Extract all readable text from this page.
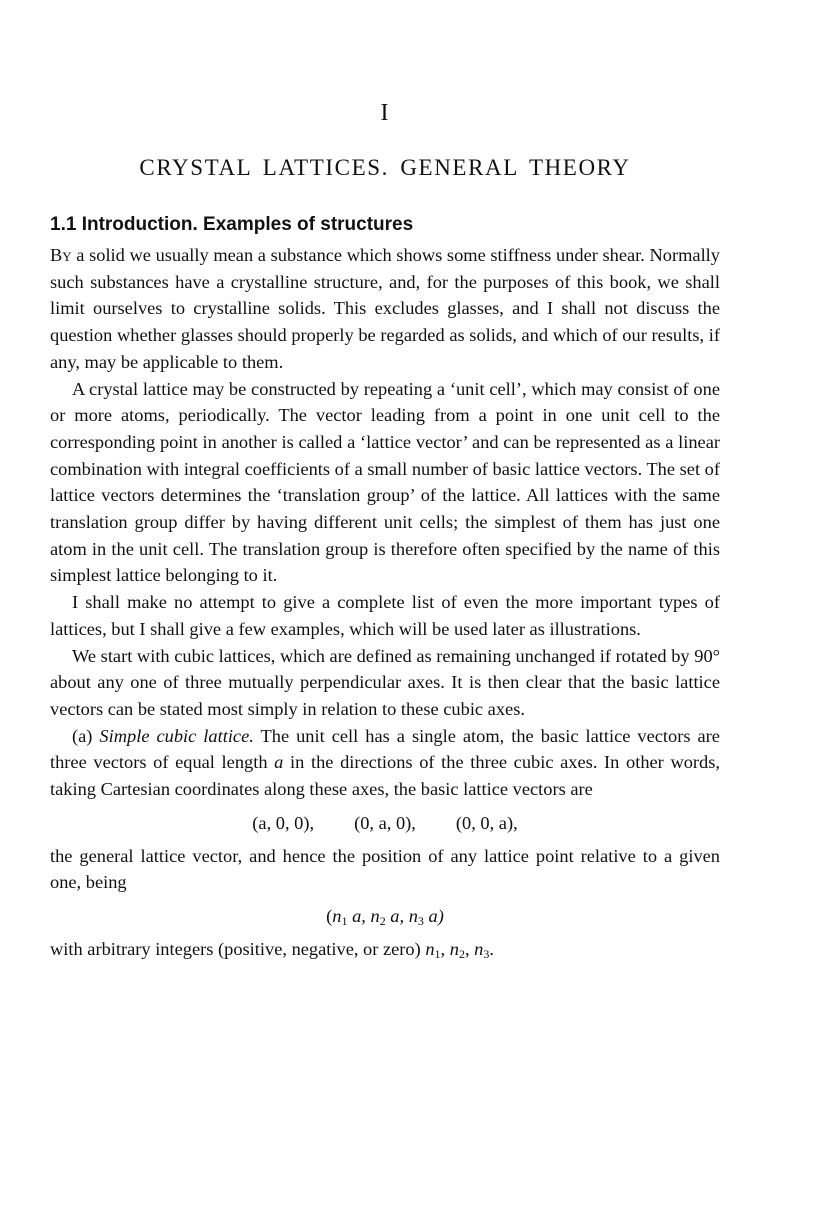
I
CRYSTAL LATTICES. GENERAL THEORY
1.1 Introduction. Examples of structures

By a solid we usually mean a substance which shows some stiffness under shear. Normally such substances have a crystalline structure, and, for the purposes of this book, we shall limit ourselves to crystalline solids. This excludes glasses, and I shall not discuss the question whether glasses should properly be regarded as solids, and which of our results, if any, may be applicable to them.

A crystal lattice may be constructed by repeating a ‘unit cell’, which may consist of one or more atoms, periodically. The vector leading from a point in one unit cell to the corresponding point in another is called a ‘lattice vector’ and can be represented as a linear combination with integral coefficients of a small number of basic lattice vectors. The set of lattice vectors determines the ‘translation group’ of the lattice. All lattices with the same translation group differ by having different unit cells; the simplest of them has just one atom in the unit cell. The translation group is therefore often specified by the name of this simplest lattice belonging to it.

I shall make no attempt to give a complete list of even the more important types of lattices, but I shall give a few examples, which will be used later as illustrations.

We start with cubic lattices, which are defined as remaining unchanged if rotated by 90° about any one of three mutually perpendicular axes. It is then clear that the basic lattice vectors can be stated most simply in relation to these cubic axes.

(a) Simple cubic lattice. The unit cell has a single atom, the basic lattice vectors are three vectors of equal length a in the directions of the three cubic axes. In other words, taking Cartesian coordinates along these axes, the basic lattice vectors are

(a, 0, 0), (0, a, 0), (0, 0, a),

the general lattice vector, and hence the position of any lattice point relative to a given one, being

($n_1$ a, $n_2$ a, $n_3$ a)

with arbitrary integers (positive, negative, or zero) $n_1$, $n_2$, $n_3$.
